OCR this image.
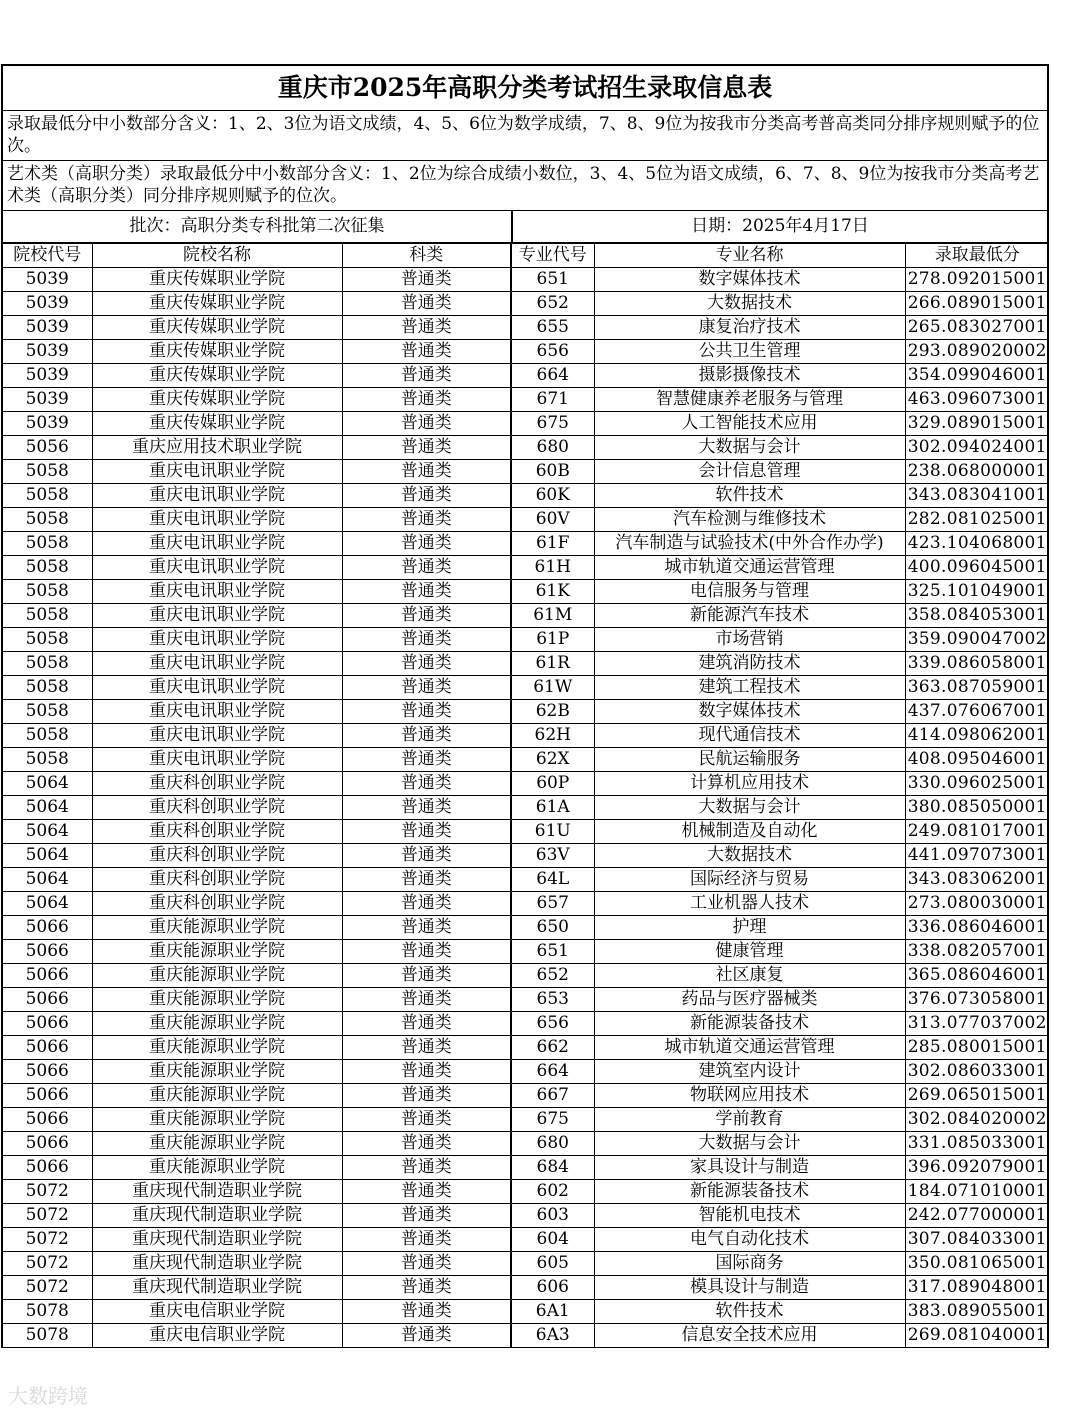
重庆市2025年高职分类考试招生录取信息表
录取最低分中小数部分含义：1、2、3位为语文成绩，4、5、6位为数学成绩，7、8、9位为按我市分类高考普高类同分排序规则赋予的位次。
艺术类（高职分类）录取最低分中小数部分含义：1、2位为综合成绩小数位，3、4、5位为语文成绩，6、7、8、9位为按我市分类高考艺术类（高职分类）同分排序规则赋予的位次。
批次：高职分类专科批第二次征集	日期：2025年4月17日
院校代号	院校名称	科类	专业代号	专业名称	录取最低分
5039	重庆传媒职业学院	普通类	651	数字媒体技术	278.092015001
5039	重庆传媒职业学院	普通类	652	大数据技术	266.089015001
5039	重庆传媒职业学院	普通类	655	康复治疗技术	265.083027001
5039	重庆传媒职业学院	普通类	656	公共卫生管理	293.089020002
5039	重庆传媒职业学院	普通类	664	摄影摄像技术	354.099046001
5039	重庆传媒职业学院	普通类	671	智慧健康养老服务与管理	463.096073001
5039	重庆传媒职业学院	普通类	675	人工智能技术应用	329.089015001
5056	重庆应用技术职业学院	普通类	680	大数据与会计	302.094024001
5058	重庆电讯职业学院	普通类	60B	会计信息管理	238.068000001
5058	重庆电讯职业学院	普通类	60K	软件技术	343.083041001
5058	重庆电讯职业学院	普通类	60V	汽车检测与维修技术	282.081025001
5058	重庆电讯职业学院	普通类	61F	汽车制造与试验技术(中外合作办学)	423.104068001
5058	重庆电讯职业学院	普通类	61H	城市轨道交通运营管理	400.096045001
5058	重庆电讯职业学院	普通类	61K	电信服务与管理	325.101049001
5058	重庆电讯职业学院	普通类	61M	新能源汽车技术	358.084053001
5058	重庆电讯职业学院	普通类	61P	市场营销	359.090047002
5058	重庆电讯职业学院	普通类	61R	建筑消防技术	339.086058001
5058	重庆电讯职业学院	普通类	61W	建筑工程技术	363.087059001
5058	重庆电讯职业学院	普通类	62B	数字媒体技术	437.076067001
5058	重庆电讯职业学院	普通类	62H	现代通信技术	414.098062001
5058	重庆电讯职业学院	普通类	62X	民航运输服务	408.095046001
5064	重庆科创职业学院	普通类	60P	计算机应用技术	330.096025001
5064	重庆科创职业学院	普通类	61A	大数据与会计	380.085050001
5064	重庆科创职业学院	普通类	61U	机械制造及自动化	249.081017001
5064	重庆科创职业学院	普通类	63V	大数据技术	441.097073001
5064	重庆科创职业学院	普通类	64L	国际经济与贸易	343.083062001
5064	重庆科创职业学院	普通类	657	工业机器人技术	273.080030001
5066	重庆能源职业学院	普通类	650	护理	336.086046001
5066	重庆能源职业学院	普通类	651	健康管理	338.082057001
5066	重庆能源职业学院	普通类	652	社区康复	365.086046001
5066	重庆能源职业学院	普通类	653	药品与医疗器械类	376.073058001
5066	重庆能源职业学院	普通类	656	新能源装备技术	313.077037002
5066	重庆能源职业学院	普通类	662	城市轨道交通运营管理	285.080015001
5066	重庆能源职业学院	普通类	664	建筑室内设计	302.086033001
5066	重庆能源职业学院	普通类	667	物联网应用技术	269.065015001
5066	重庆能源职业学院	普通类	675	学前教育	302.084020002
5066	重庆能源职业学院	普通类	680	大数据与会计	331.085033001
5066	重庆能源职业学院	普通类	684	家具设计与制造	396.092079001
5072	重庆现代制造职业学院	普通类	602	新能源装备技术	184.071010001
5072	重庆现代制造职业学院	普通类	603	智能机电技术	242.077000001
5072	重庆现代制造职业学院	普通类	604	电气自动化技术	307.084033001
5072	重庆现代制造职业学院	普通类	605	国际商务	350.081065001
5072	重庆现代制造职业学院	普通类	606	模具设计与制造	317.089048001
5078	重庆电信职业学院	普通类	6A1	软件技术	383.089055001
5078	重庆电信职业学院	普通类	6A3	信息安全技术应用	269.081040001
大数跨境
